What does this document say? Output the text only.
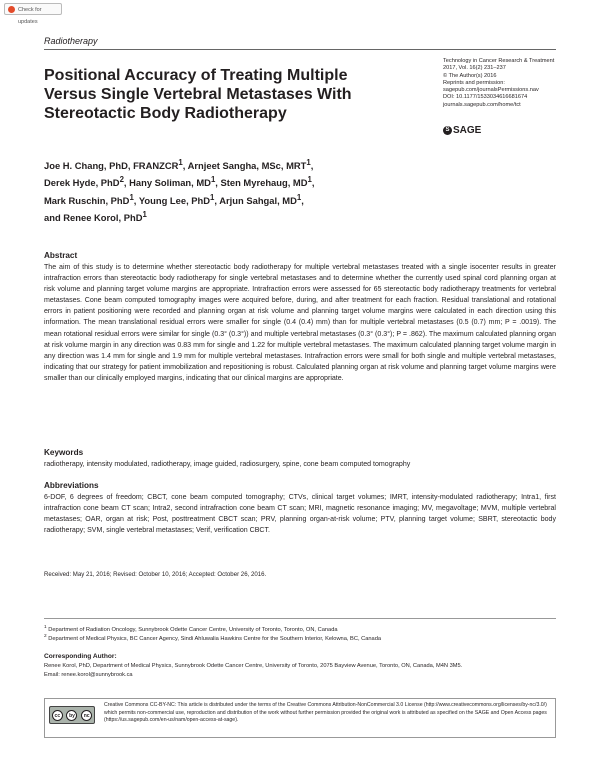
Check for updates
Radiotherapy
Positional Accuracy of Treating Multiple Versus Single Vertebral Metastases With Stereotactic Body Radiotherapy
Technology in Cancer Research & Treatment
2017, Vol. 16(2) 231–237
© The Author(s) 2016
Reprints and permission:
sagepub.com/journalsPermissions.nav
DOI: 10.1177/1533034616681674
journals.sagepub.com/home/tct
S SAGE
Joe H. Chang, PhD, FRANZCR$^1$, Arnjeet Sangha, MSc, MRT$^1$,
Derek Hyde, PhD$^2$, Hany Soliman, $MD^1$, Sten Myrehaug, $MD^1$,
Mark Ruschin, PhD$^1$, Young Lee, PhD$^1$, Arjun Sahgal, $MD^1$,
and Renee Korol, PhD$^1$
Abstract
The aim of this study is to determine whether stereotactic body radiotherapy for multiple vertebral metastases treated with a single isocenter results in greater intrafraction errors than stereotactic body radiotherapy for single vertebral metastases and to determine whether the currently used spinal cord planning organ at risk volume and planning target volume margins are appropriate. Intrafraction errors were assessed for 65 stereotactic body radiotherapy treatments for vertebral metastases. Cone beam computed tomography images were acquired before, during, and after treatment for each fraction. Residual translational and rotational errors in patient positioning were recorded and planning organ at risk volume and planning target volume margins were calculated in each direction using this information. The mean translational residual errors were smaller for single (0.4 (0.4) mm) than for multiple vertebral metastases (0.5 (0.7) mm; P = .0019). The mean rotational residual errors were similar for single (0.3° (0.3°)) and multiple vertebral metastases (0.3° (0.3°); P = .862). The maximum calculated planning organ at risk volume margin in any direction was 0.83 mm for single and 1.22 for multiple vertebral metastases. The maximum calculated planning target volume margin in any direction was 1.4 mm for single and 1.9 mm for multiple vertebral metastases. Intrafraction errors were small for both single and multiple vertebral metastases, indicating that our strategy for patient immobilization and repositioning is robust. Calculated planning organ at risk volume and planning target volume margins were smaller than our clinically employed margins, indicating that our clinical margins are appropriate.
Keywords
radiotherapy, intensity modulated, radiotherapy, image guided, radiosurgery, spine, cone beam computed tomography
Abbreviations
6-DOF, 6 degrees of freedom; CBCT, cone beam computed tomography; CTVs, clinical target volumes; IMRT, intensity-modulated radiotherapy; Intra1, first intrafraction cone beam CT scan; Intra2, second intrafraction cone beam CT scan; MRI, magnetic resonance imaging; MV, megavoltage; MVM, multiple vertebral metastases; OAR, organ at risk; Post, posttreatment CBCT scan; PRV, planning organ-at-risk volume; PTV, planning target volume; SBRT, stereotactic body radiotherapy; SVM, single vertebral metastases; Verif, verification CBCT.
Received: May 21, 2016; Revised: October 10, 2016; Accepted: October 26, 2016.
$^1$ Department of Radiation Oncology, Sunnybrook Odette Cancer Centre, University of Toronto, Toronto, ON, Canada
$^2$ Department of Medical Physics, BC Cancer Agency, Sindi Ahluwalia Hawkins Centre for the Southern Interior, Kelowna, BC, Canada
Corresponding Author:
Renee Korol, PhD, Department of Medical Physics, Sunnybrook Odette Cancer Centre, University of Toronto, 2075 Bayview Avenue, Toronto, ON, Canada, M4N 3M5.
Email: renee.korol@sunnybrook.ca
cc	by	nc
Creative Commons CC-BY-NC: This article is distributed under the terms of the Creative Commons Attribution-NonCommercial 3.0 License (http://www.creativecommons.org/licenses/by-nc/3.0/) which permits non-commercial use, reproduction and distribution of the work without further permission provided the original work is attributed as specified on the SAGE and Open Access pages (https://us.sagepub.com/en-us/nam/open-access-at-sage).
